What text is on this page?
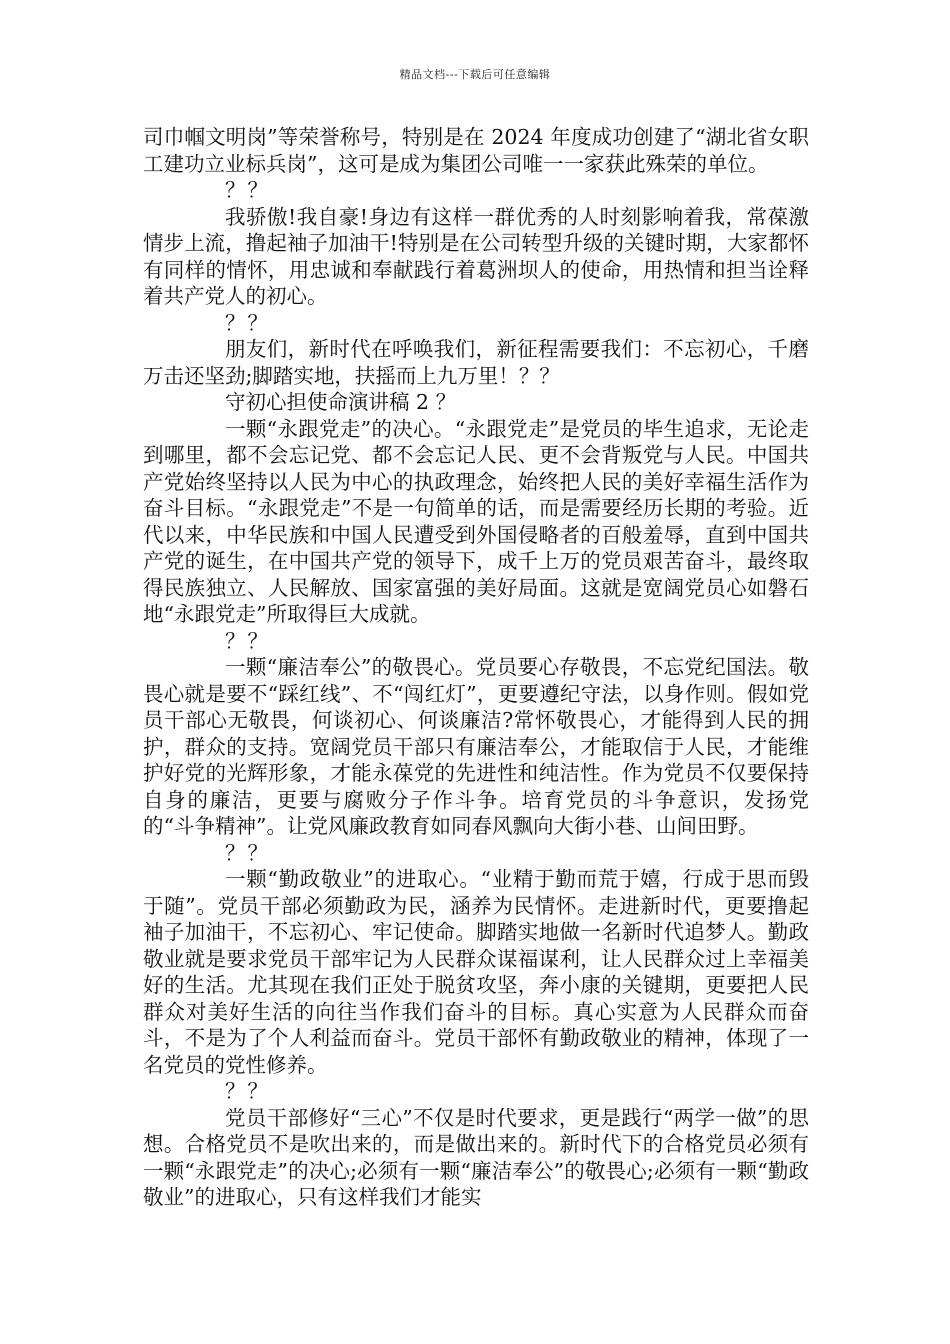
精品文档---下载后可任意编辑

司巾帼文明岗”等荣誉称号，特别是在 2024 年度成功创建了“湖北省女职工建功立业标兵岗”，这可是成为集团公司唯一一家获此殊荣的单位。

？？

我骄傲!我自豪!身边有这样一群优秀的人时刻影响着我，常葆激情步上流，撸起袖子加油干!特别是在公司转型升级的关键时期，大家都怀有同样的情怀，用忠诚和奉献践行着葛洲坝人的使命，用热情和担当诠释着共产党人的初心。

？？

朋友们，新时代在呼唤我们，新征程需要我们：不忘初心，千磨万击还坚劲;脚踏实地，扶摇而上九万里！？？

守初心担使命演讲稿 2 ？

一颗“永跟党走”的决心。“永跟党走”是党员的毕生追求，无论走到哪里，都不会忘记党、都不会忘记人民、更不会背叛党与人民。中国共产党始终坚持以人民为中心的执政理念，始终把人民的美好幸福生活作为奋斗目标。“永跟党走”不是一句简单的话，而是需要经历长期的考验。近代以来，中华民族和中国人民遭受到外国侵略者的百般羞辱，直到中国共产党的诞生，在中国共产党的领导下，成千上万的党员艰苦奋斗，最终取得民族独立、人民解放、国家富强的美好局面。这就是宽阔党员心如磐石地“永跟党走”所取得巨大成就。

？？

一颗“廉洁奉公”的敬畏心。党员要心存敬畏，不忘党纪国法。敬畏心就是要不“踩红线”、不“闯红灯”，更要遵纪守法，以身作则。假如党员干部心无敬畏，何谈初心、何谈廉洁?常怀敬畏心，才能得到人民的拥护，群众的支持。宽阔党员干部只有廉洁奉公，才能取信于人民，才能维护好党的光辉形象，才能永葆党的先进性和纯洁性。作为党员不仅要保持自身的廉洁，更要与腐败分子作斗争。培育党员的斗争意识，发扬党的“斗争精神”。让党风廉政教育如同春风飘向大街小巷、山间田野。

？？

一颗“勤政敬业”的进取心。“业精于勤而荒于嬉，行成于思而毁于随”。党员干部必须勤政为民，涵养为民情怀。走进新时代，更要撸起袖子加油干，不忘初心、牢记使命。脚踏实地做一名新时代追梦人。勤政敬业就是要求党员干部牢记为人民群众谋福谋利，让人民群众过上幸福美好的生活。尤其现在我们正处于脱贫攻坚，奔小康的关键期，更要把人民群众对美好生活的向往当作我们奋斗的目标。真心实意为人民群众而奋斗，不是为了个人利益而奋斗。党员干部怀有勤政敬业的精神，体现了一名党员的党性修养。

？？

党员干部修好“三心”不仅是时代要求，更是践行“两学一做”的思想。合格党员不是吹出来的，而是做出来的。新时代下的合格党员必须有一颗“永跟党走”的决心;必须有一颗“廉洁奉公”的敬畏心;必须有一颗“勤政敬业”的进取心，只有这样我们才能实
